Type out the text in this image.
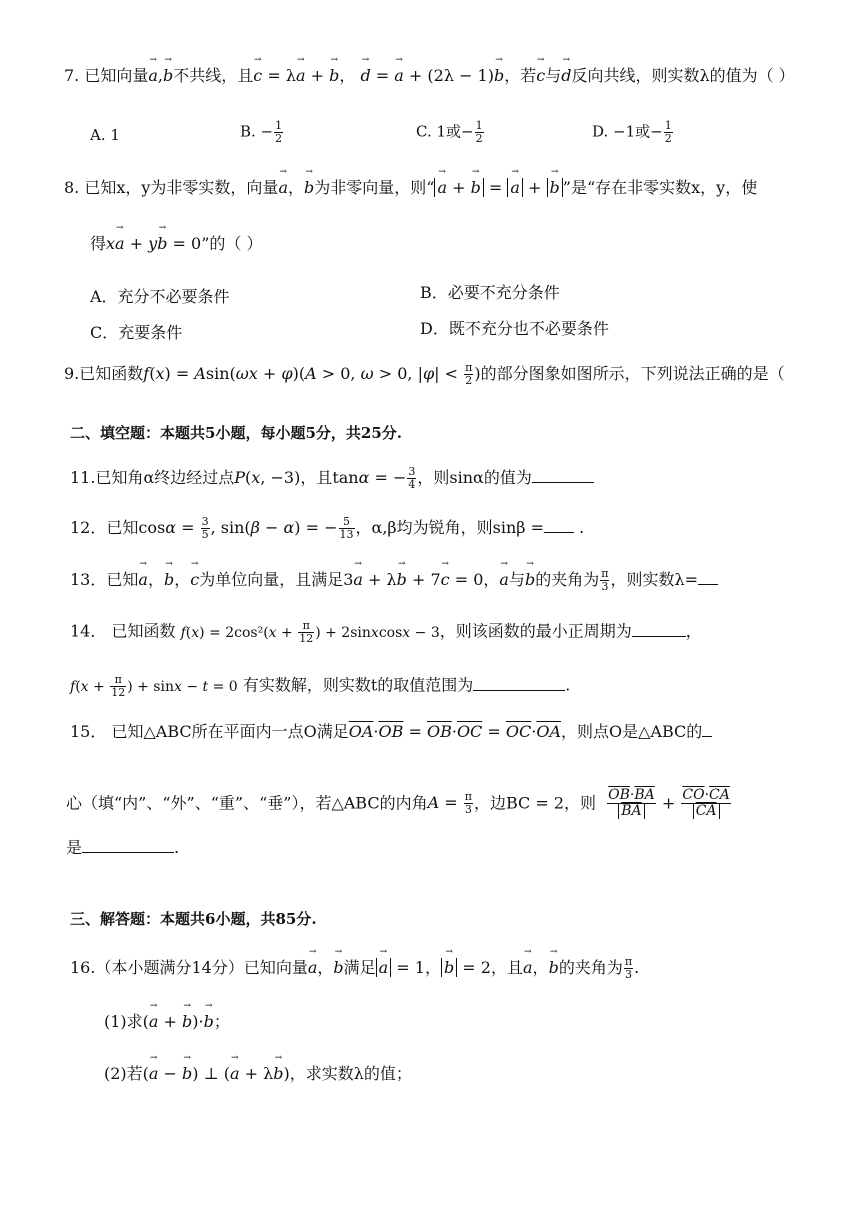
7. 已知向量→ a,→ b不共线，且→ c = λ→ a + → b， → d = → a + (2λ − 1)→ b，若→ c与→ d反向共线，则实数λ的值为（ ）
A. 1	B. − $\frac{1}{2}$	C. 1或− $\frac{1}{2}$	D. −1或− $\frac{1}{2}$
8. 已知x，y为非零实数，向量→ a，→ b为非零向量，则“ → a + → b = → a + → b ”是“存在非零实数x，y，使
得x→ a + y→ b = 0”的（ ）
A．充分不必要条件	B．必要不充分条件
C．充要条件	D．既不充分也不必要条件
9.已知函数f(x) = Asin(ωx + φ)(A > 0, ω > 0, $|\varphi| < \frac{\pi}{2}$ )的部分图象如图所示，下列说法正确的是（
二、填空题：本题共5小题，每小题5分，共25分.
11.已知角α终边经过点P(x, −3)，且tanα = − $\frac{3}{4}$ ，则sinα的值为
12．已知$\cos\alpha = \frac{3}{5}$ , sin(β − α) = − $\frac{5}{13}$ ，α,β均为锐角，则sinβ = .
13．已知→ a，→ b，→ c为单位向量，且满足3→ a + λ→ b + 7→ c = 0，→ a与→ b的夹角为 $\frac{\pi}{3}$ ，则实数λ=
14． 已知函数 $f(x) = 2\cos^2(x + \frac{\pi}{12}$ ) + 2sinxcosx − 3，则该函数的最小正周期为	，
$f(x + \frac{\pi}{12}$ ) + sinx − t = 0 有实数解，则实数t的取值范围为	.
15． 已知△ABC所在平面内一点O满足$\overline{OA}\cdot\overline{OB} = \overline{OB}\cdot\overline{OC} = \overline{OC}\cdot\overline{OA}$，则点O是△ABC的
心（填“内”、“外”、“重”、“垂”），若△ABC的内角$A = \frac{\pi}{3}$ ，边BC = 2，则 $\frac{\overline{OB}\cdot\overline{BA}}{BA} + \frac{\overline{CO}\cdot\overline{CA}}{CA}$
是	.
三、解答题：本题共6小题，共85分.
16.（本小题满分14分）已知向量→ a，→ b满足 → a = 1， → b = 2，且→ a，→ b的夹角为 $\frac{\pi}{3}$ .
(1)求(→ a + → b)·→ b；
(2)若(→ a − → b) ⊥ (→ a + λ→ b)，求实数λ的值；
